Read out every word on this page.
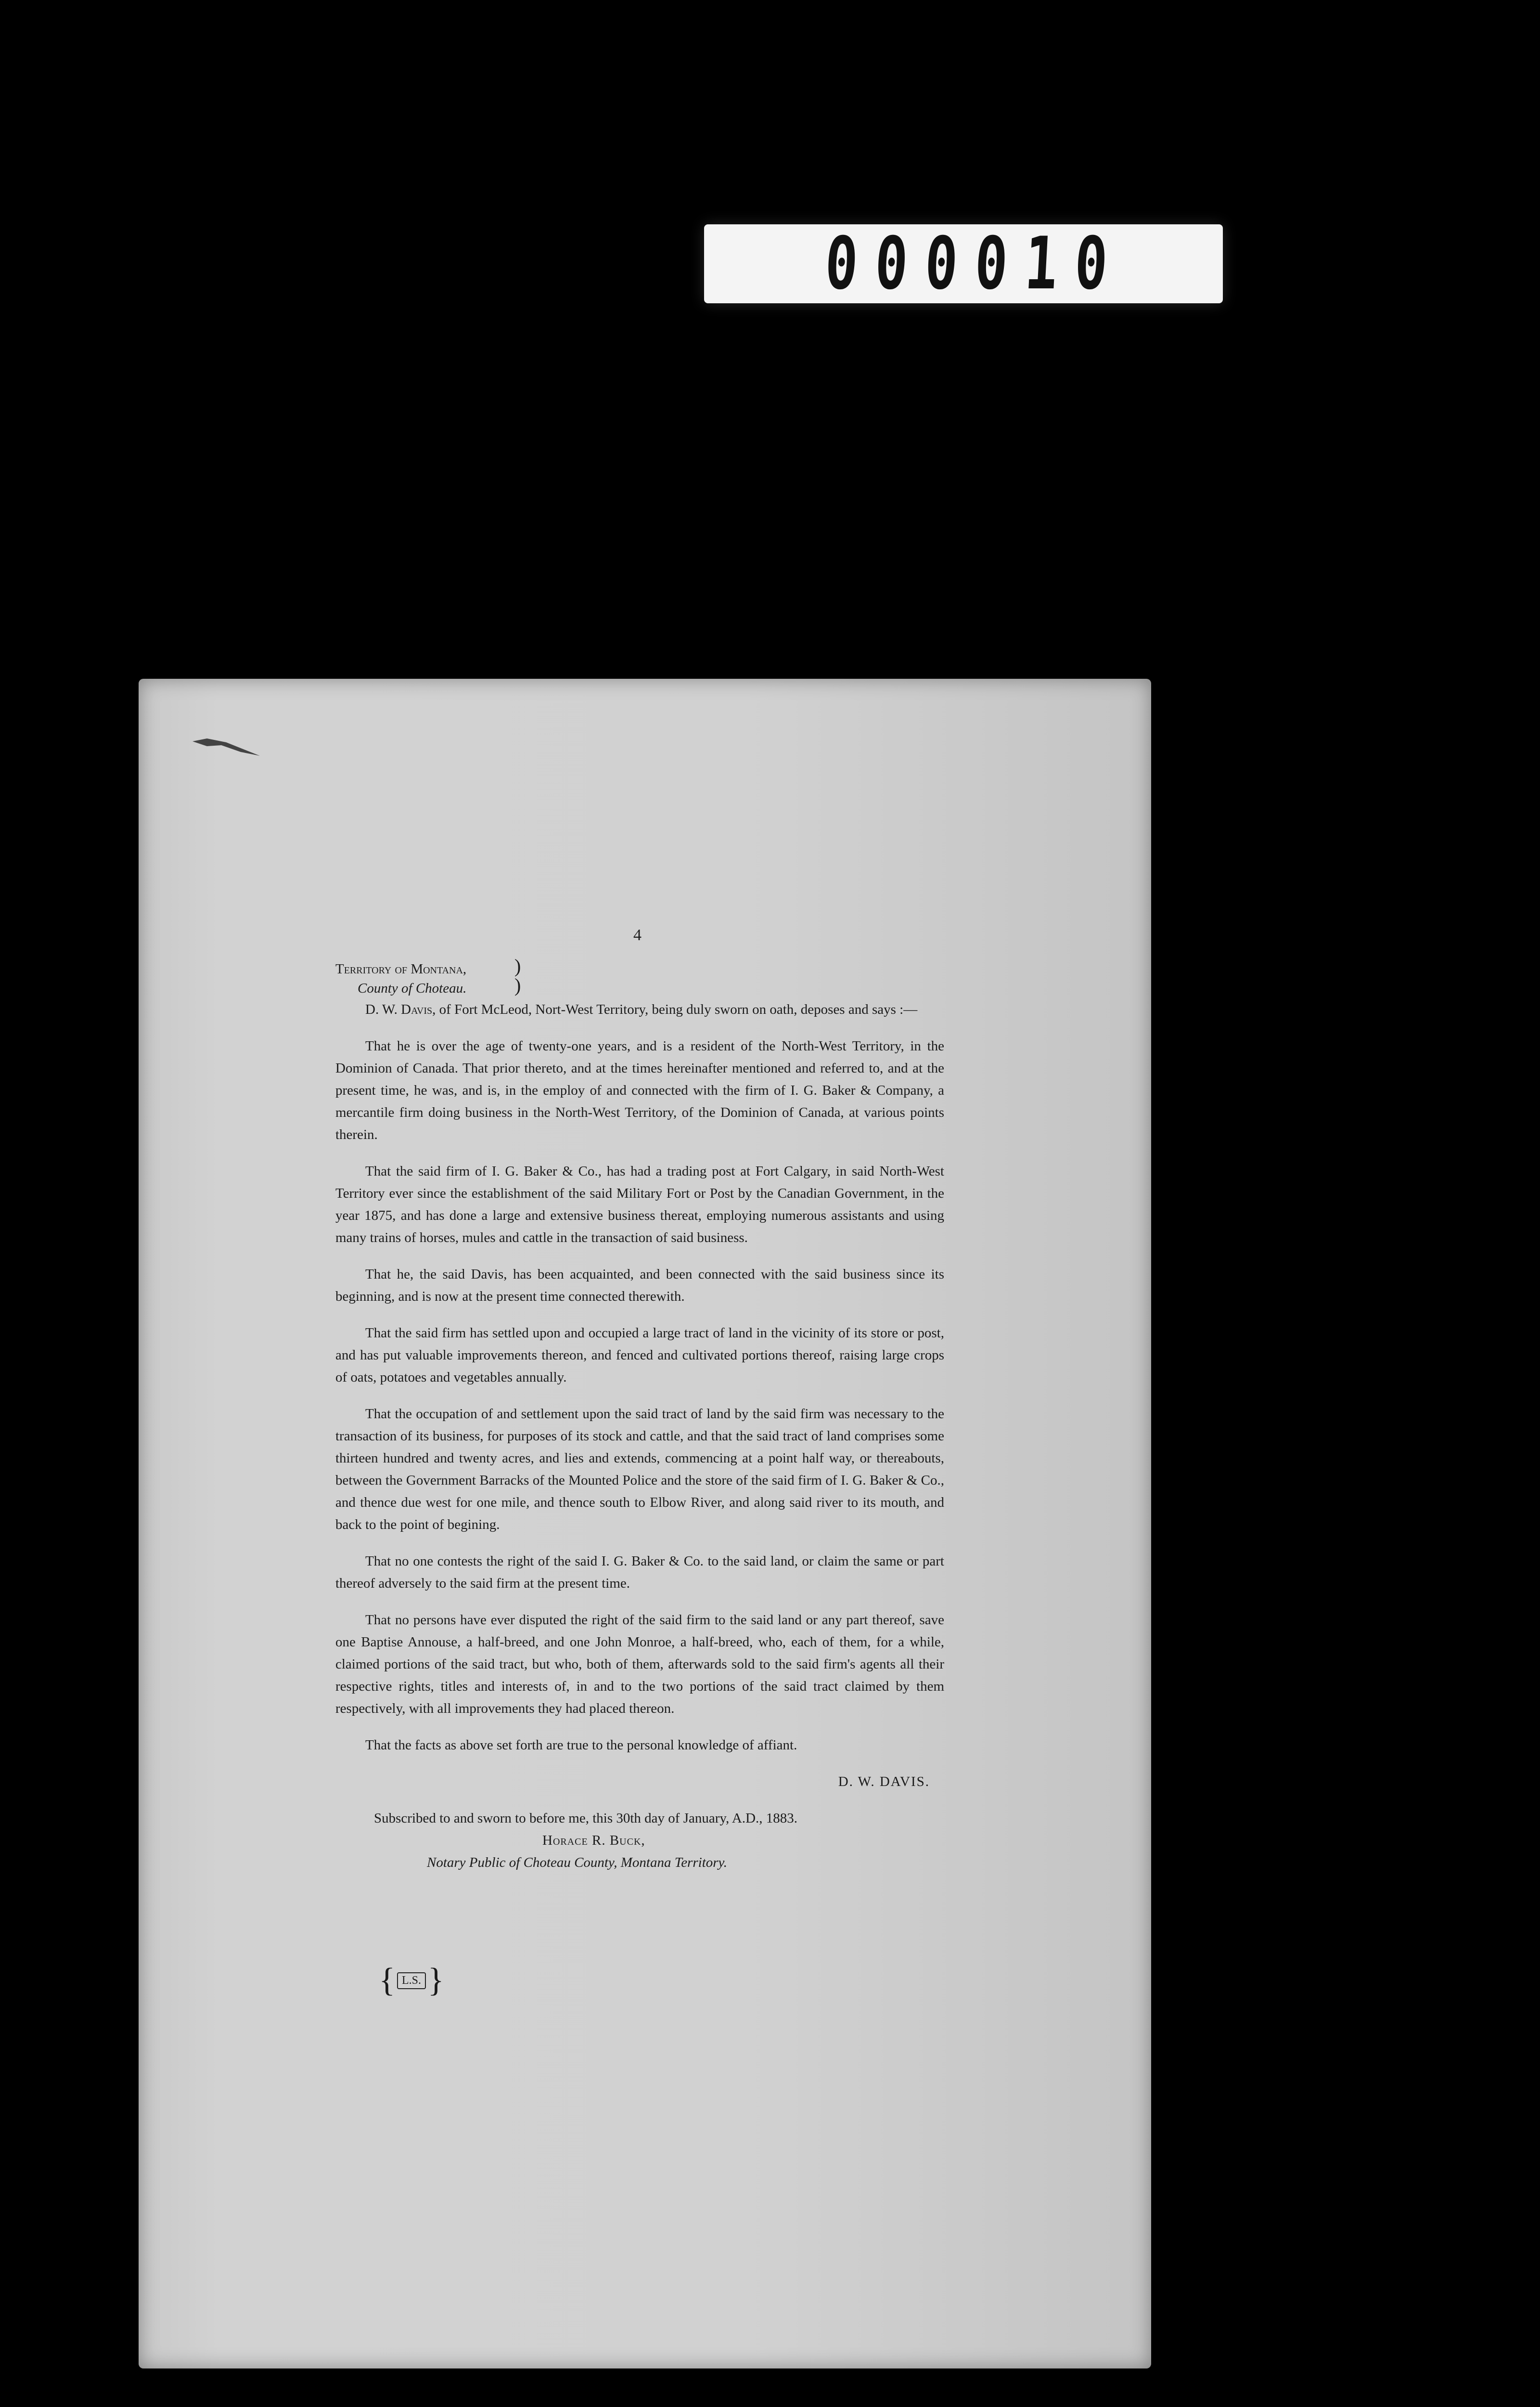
000010
4
Territory of Montana,
County of Choteau.
)
)

D. W. Davis, of Fort McLeod, Nort-West Territory, being duly sworn on oath, deposes and says :—

That he is over the age of twenty-one years, and is a resident of the North-West Territory, in the Dominion of Canada. That prior thereto, and at the times hereinafter mentioned and referred to, and at the present time, he was, and is, in the employ of and connected with the firm of I. G. Baker & Company, a mercantile firm doing business in the North-West Territory, of the Dominion of Canada, at various points therein.

That the said firm of I. G. Baker & Co., has had a trading post at Fort Calgary, in said North-West Territory ever since the establishment of the said Military Fort or Post by the Canadian Government, in the year 1875, and has done a large and extensive business thereat, employing numerous assistants and using many trains of horses, mules and cattle in the transaction of said business.

That he, the said Davis, has been acquainted, and been connected with the said business since its beginning, and is now at the present time connected therewith.

That the said firm has settled upon and occupied a large tract of land in the vicinity of its store or post, and has put valuable improvements thereon, and fenced and cultivated portions thereof, raising large crops of oats, potatoes and vegetables annually.

That the occupation of and settlement upon the said tract of land by the said firm was necessary to the transaction of its business, for purposes of its stock and cattle, and that the said tract of land comprises some thirteen hundred and twenty acres, and lies and extends, commencing at a point half way, or thereabouts, between the Government Barracks of the Mounted Police and the store of the said firm of I. G. Baker & Co., and thence due west for one mile, and thence south to Elbow River, and along said river to its mouth, and back to the point of begining.

That no one contests the right of the said I. G. Baker & Co. to the said land, or claim the same or part thereof adversely to the said firm at the present time.

That no persons have ever disputed the right of the said firm to the said land or any part thereof, save one Baptise Annouse, a half-breed, and one John Monroe, a half-breed, who, each of them, for a while, claimed portions of the said tract, but who, both of them, afterwards sold to the said firm's agents all their respective rights, titles and interests of, in and to the two portions of the said tract claimed by them respectively, with all improvements they had placed thereon.

That the facts as above set forth are true to the personal knowledge of affiant.

D. W. DAVIS.

Subscribed to and sworn to before me, this 30th day of January, A.D., 1883.

Horace R. Buck,

Notary Public of Choteau County, Montana Territory.

{ L.S. }
